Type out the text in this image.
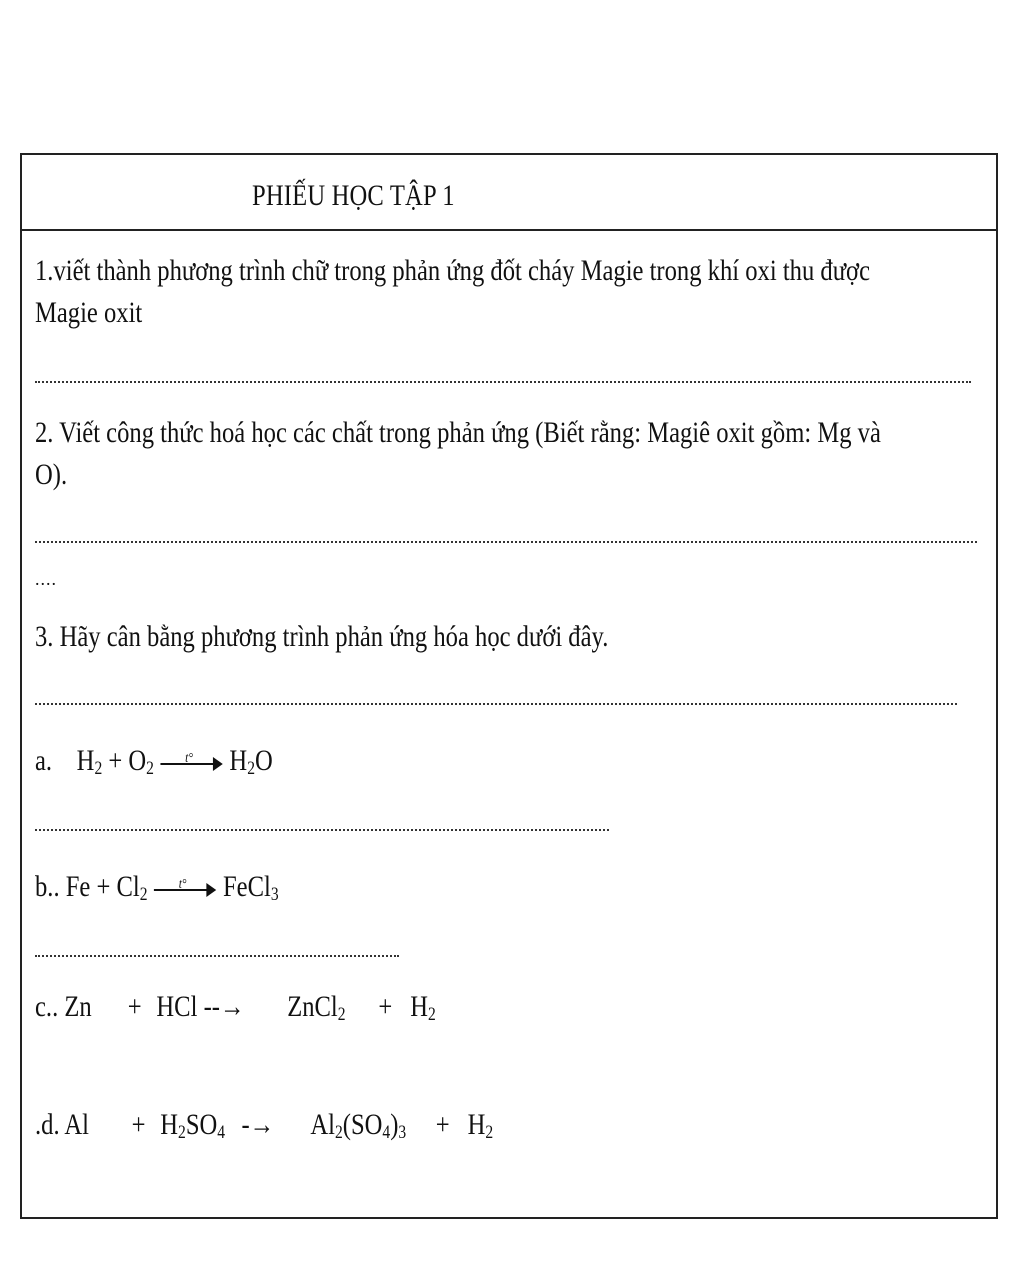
PHIẾU HỌC TẬP 1
1.viết thành phương trình chữ trong phản ứng đốt cháy Magie trong khí oxi thu được
Magie oxit
2. Viết công thức hoá học các chất trong phản ứng (Biết rằng: Magiê oxit gồm: Mg và
O).
....
3. Hãy cân bằng phương trình phản ứng hóa học dưới đây.
a. $H_2 + O_2$ t° $H_2O$
b.. $Fe + Cl_2$ t° FeCl$_3$
c.. Zn + HCl --→ ZnCl$_2$ + $H_2$
.d. $Al + H_2SO_4 -\to Al_2(SO_4)_3 + H_2$
